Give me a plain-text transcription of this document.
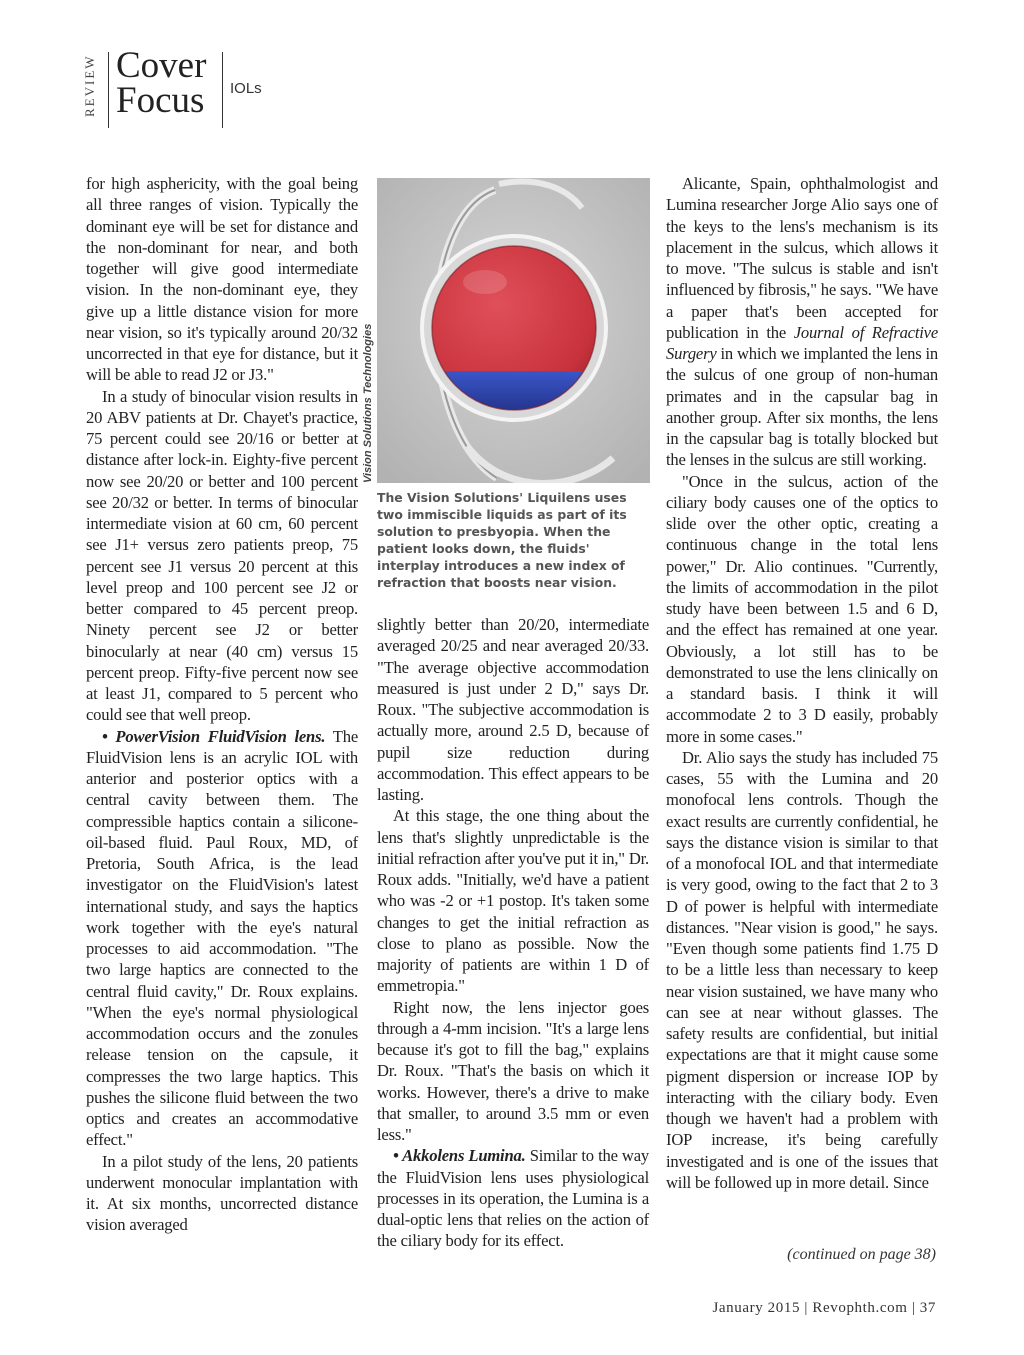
REVIEW Cover
Focus IOLs

for high asphericity, with the goal being all three ranges of vision. Typically the dominant eye will be set for distance and the non-dominant for near, and both together will give good intermediate vision. In the non-dominant eye, they give up a little distance vision for more near vision, so it's typically around 20/32 uncorrected in that eye for distance, but it will be able to read J2 or J3."

In a study of binocular vision results in 20 ABV patients at Dr. Chayet's practice, 75 percent could see 20/16 or better at distance after lock-in. Eighty-five percent now see 20/20 or better and 100 percent see 20/32 or better. In terms of binocular intermediate vision at 60 cm, 60 percent see J1+ versus zero patients preop, 75 percent see J1 versus 20 percent at this level preop and 100 percent see J2 or better compared to 45 percent preop. Ninety percent see J2 or better binocularly at near (40 cm) versus 15 percent preop. Fifty-five percent now see at least J1, compared to 5 percent who could see that well preop.

• PowerVision FluidVision lens. The FluidVision lens is an acrylic IOL with anterior and posterior optics with a central cavity between them. The compressible haptics contain a silicone-oil-based fluid. Paul Roux, MD, of Pretoria, South Africa, is the lead investigator on the FluidVision's latest international study, and says the haptics work together with the eye's natural processes to aid accommodation. "The two large haptics are connected to the central fluid cavity," Dr. Roux explains. "When the eye's normal physiological accommodation occurs and the zonules release tension on the capsule, it compresses the two large haptics. This pushes the silicone fluid between the two optics and creates an accommodative effect."

In a pilot study of the lens, 20 patients underwent monocular implantation with it. At six months, uncorrected distance vision averaged

Vision Solutions Technologies
The Vision Solutions' Liquilens uses two immiscible liquids as part of its solution to presbyopia. When the patient looks down, the fluids' interplay introduces a new index of refraction that boosts near vision.

slightly better than 20/20, intermediate averaged 20/25 and near averaged 20/33. "The average objective accommodation measured is just under 2 D," says Dr. Roux. "The subjective accommodation is actually more, around 2.5 D, because of pupil size reduction during accommodation. This effect appears to be lasting.

At this stage, the one thing about the lens that's slightly unpredictable is the initial refraction after you've put it in," Dr. Roux adds. "Initially, we'd have a patient who was -2 or +1 postop. It's taken some changes to get the initial refraction as close to plano as possible. Now the majority of patients are within 1 D of emmetropia."

Right now, the lens injector goes through a 4-mm incision. "It's a large lens because it's got to fill the bag," explains Dr. Roux. "That's the basis on which it works. However, there's a drive to make that smaller, to around 3.5 mm or even less."

• Akkolens Lumina. Similar to the way the FluidVision lens uses physiological processes in its operation, the Lumina is a dual-optic lens that relies on the action of the ciliary body for its effect.

Alicante, Spain, ophthalmologist and Lumina researcher Jorge Alio says one of the keys to the lens's mechanism is its placement in the sulcus, which allows it to move. "The sulcus is stable and isn't influenced by fibrosis," he says. "We have a paper that's been accepted for publication in the Journal of Refractive Surgery in which we implanted the lens in the sulcus of one group of non-human primates and in the capsular bag in another group. After six months, the lens in the capsular bag is totally blocked but the lenses in the sulcus are still working.

"Once in the sulcus, action of the ciliary body causes one of the optics to slide over the other optic, creating a continuous change in the total lens power," Dr. Alio continues. "Currently, the limits of accommodation in the pilot study have been between 1.5 and 6 D, and the effect has remained at one year. Obviously, a lot still has to be demonstrated to use the lens clinically on a standard basis. I think it will accommodate 2 to 3 D easily, probably more in some cases."

Dr. Alio says the study has included 75 cases, 55 with the Lumina and 20 monofocal lens controls. Though the exact results are currently confidential, he says the distance vision is similar to that of a monofocal IOL and that intermediate is very good, owing to the fact that 2 to 3 D of power is helpful with intermediate distances. "Near vision is good," he says. "Even though some patients find 1.75 D to be a little less than necessary to keep near vision sustained, we have many who can see at near without glasses. The safety results are confidential, but initial expectations are that it might cause some pigment dispersion or increase IOP by interacting with the ciliary body. Even though we haven't had a problem with IOP increase, it's being carefully investigated and is one of the issues that will be followed up in more detail. Since

(continued on page 38)
January 2015 | Revophth.com | 37
